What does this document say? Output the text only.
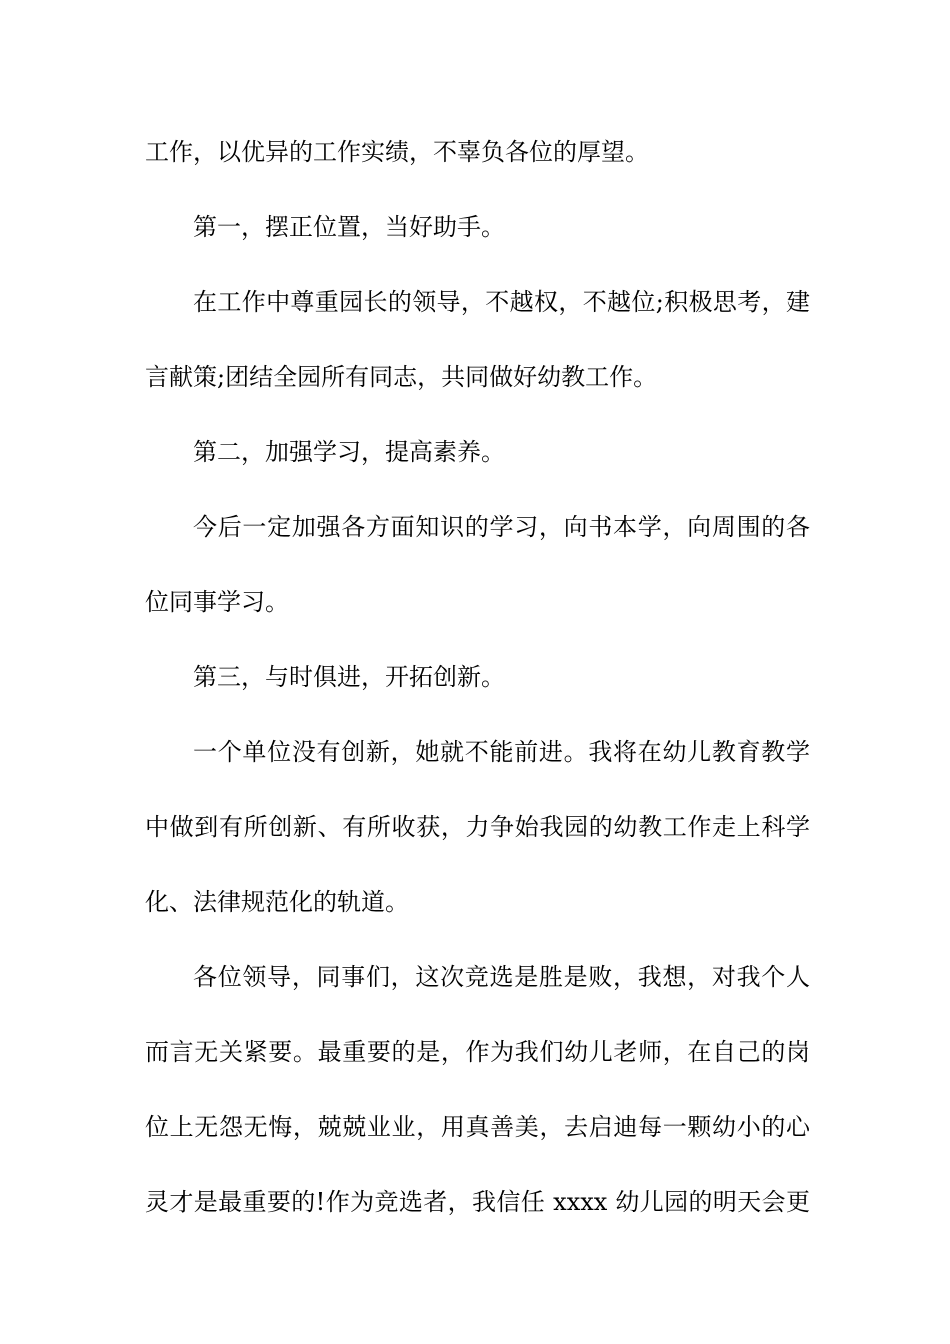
工作，以优异的工作实绩，不辜负各位的厚望。
第一，摆正位置，当好助手。
在工作中尊重园长的领导，不越权，不越位;积极思考，建
言献策;团结全园所有同志，共同做好幼教工作。
第二，加强学习，提高素养。
今后一定加强各方面知识的学习，向书本学，向周围的各
位同事学习。
第三，与时俱进，开拓创新。
一个单位没有创新，她就不能前进。我将在幼儿教育教学
中做到有所创新、有所收获，力争始我园的幼教工作走上科学
化、法律规范化的轨道。
各位领导，同事们，这次竞选是胜是败，我想，对我个人
而言无关紧要。最重要的是，作为我们幼儿老师，在自己的岗
位上无怨无悔，兢兢业业，用真善美，去启迪每一颗幼小的心
灵才是最重要的!作为竞选者，我信任 xxxx 幼儿园的明天会更
